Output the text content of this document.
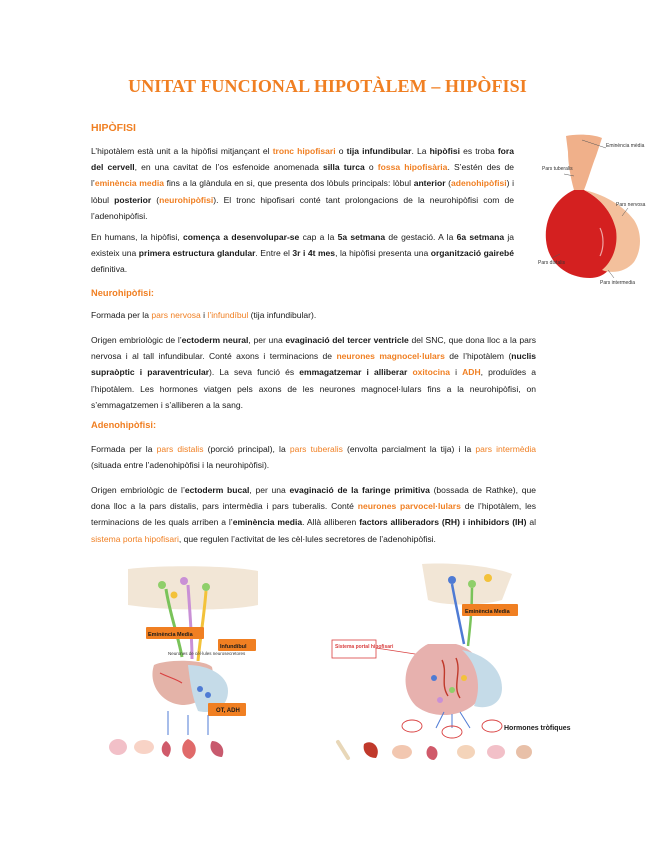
UNITAT FUNCIONAL HIPOTÀLEM – HIPÒFISI
HIPÒFISI

L’hipotàlem està unit a la hipòfisi mitjançant el tronc hipofisari o tija infundibular. La hipòfisi es troba fora del cervell, en una cavitat de l’os esfenoide anomenada silla turca o fossa hipofisària. S’estén des de l’eminència media fins a la glàndula en si, que presenta dos lòbuls principals: lòbul anterior (adenohipòfisi) i lòbul posterior (neurohipòfisi). El tronc hipofisari conté tant prolongacions de la neurohipòfisi com de l’adenohipòfisi.

En humans, la hipòfisi, comença a desenvolupar-se cap a la 5a setmana de gestació. A la 6a setmana ja existeix una primera estructura glandular. Entre el 3r i 4t mes, la hipòfisi presenta una organització gairebé definitiva.

Neurohipòfisi:

Formada per la pars nervosa i l’infundíbul (tija infundibular).

Origen embriològic de l’ectoderm neural, per una evaginació del tercer ventricle del SNC, que dona lloc a la pars nervosa i al tall infundibular. Conté axons i terminacions de neurones magnocel·lulars de l’hipotàlem (nuclis supraòptic i paraventricular). La seva funció és emmagatzemar i alliberar oxitocina i ADH, produïdes a l’hipotàlem. Les hormones viatgen pels axons de les neurones magnocel·lulars fins a la neurohipòfisi, on s’emmagatzemen i s’alliberen a la sang.

Adenohipòfisi:

Formada per la pars distalis (porció principal), la pars tuberalis (envolta parcialment la tija) i la pars intermèdia (situada entre l’adenohipòfisi i la neurohipòfisi).

Origen embriològic de l’ectoderm bucal, per una evaginació de la faringe primitiva (bossada de Rathke), que dona lloc a la pars distalis, pars intermèdia i pars tuberalis. Conté neurones parvocel·lulars de l’hipotàlem, les terminacions de les quals arriben a l’eminència media. Allà alliberen factors alliberadors (RH) i inhibidors (IH) al sistema porta hipofisari, que regulen l’activitat de les cèl·lules secretores de l’adenohipòfisi.

Eminència mèdia
Pars tuberalis
Pars nervosa
Pars distalis
Pars intermedia
Eminència Media
Infundíbul
Neurones de cèl·lules neurosecretores
OT, ADH
Eminència Media
Sistema portal hipofisari
Hormones tròfiques
